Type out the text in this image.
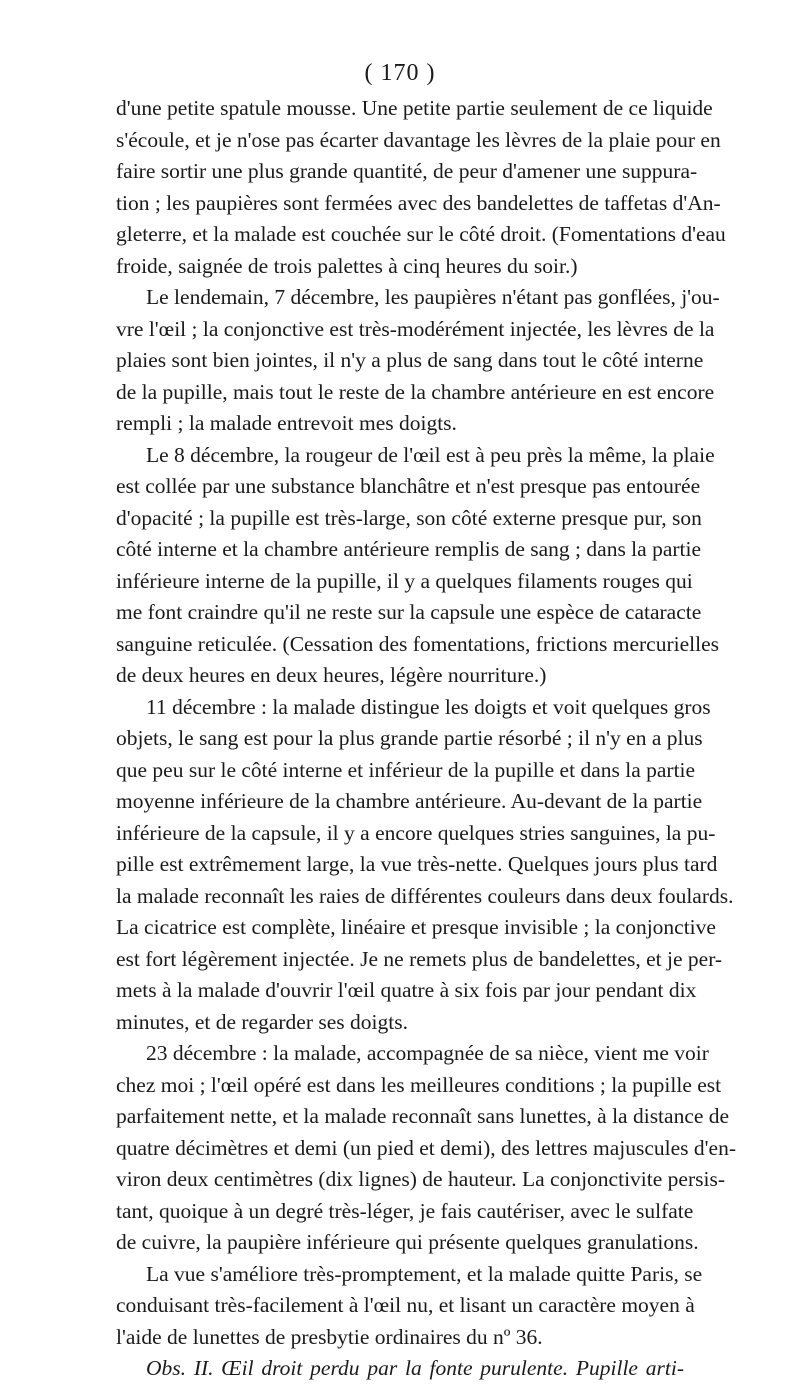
( 170 )
d'une petite spatule mousse. Une petite partie seulement de ce liquide
s'écoule, et je n'ose pas écarter davantage les lèvres de la plaie pour en
faire sortir une plus grande quantité, de peur d'amener une suppura-
tion ; les paupières sont fermées avec des bandelettes de taffetas d'An-
gleterre, et la malade est couchée sur le côté droit. (Fomentations d'eau
froide, saignée de trois palettes à cinq heures du soir.)
Le lendemain, 7 décembre, les paupières n'étant pas gonflées, j'ou-
vre l'œil ; la conjonctive est très-modérément injectée, les lèvres de la
plaies sont bien jointes, il n'y a plus de sang dans tout le côté interne
de la pupille, mais tout le reste de la chambre antérieure en est encore
rempli ; la malade entrevoit mes doigts.
Le 8 décembre, la rougeur de l'œil est à peu près la même, la plaie
est collée par une substance blanchâtre et n'est presque pas entourée
d'opacité ; la pupille est très-large, son côté externe presque pur, son
côté interne et la chambre antérieure remplis de sang ; dans la partie
inférieure interne de la pupille, il y a quelques filaments rouges qui
me font craindre qu'il ne reste sur la capsule une espèce de cataracte
sanguine reticulée. (Cessation des fomentations, frictions mercurielles
de deux heures en deux heures, légère nourriture.)
11 décembre : la malade distingue les doigts et voit quelques gros
objets, le sang est pour la plus grande partie résorbé ; il n'y en a plus
que peu sur le côté interne et inférieur de la pupille et dans la partie
moyenne inférieure de la chambre antérieure. Au-devant de la partie
inférieure de la capsule, il y a encore quelques stries sanguines, la pu-
pille est extrêmement large, la vue très-nette. Quelques jours plus tard
la malade reconnaît les raies de différentes couleurs dans deux foulards.
La cicatrice est complète, linéaire et presque invisible ; la conjonctive
est fort légèrement injectée. Je ne remets plus de bandelettes, et je per-
mets à la malade d'ouvrir l'œil quatre à six fois par jour pendant dix
minutes, et de regarder ses doigts.
23 décembre : la malade, accompagnée de sa nièce, vient me voir
chez moi ; l'œil opéré est dans les meilleures conditions ; la pupille est
parfaitement nette, et la malade reconnaît sans lunettes, à la distance de
quatre décimètres et demi (un pied et demi), des lettres majuscules d'en-
viron deux centimètres (dix lignes) de hauteur. La conjonctivite persis-
tant, quoique à un degré très-léger, je fais cautériser, avec le sulfate
de cuivre, la paupière inférieure qui présente quelques granulations.
La vue s'améliore très-promptement, et la malade quitte Paris, se
conduisant très-facilement à l'œil nu, et lisant un caractère moyen à
l'aide de lunettes de presbytie ordinaires du nº 36.
Obs. II. Œil droit perdu par la fonte purulente. Pupille arti-
